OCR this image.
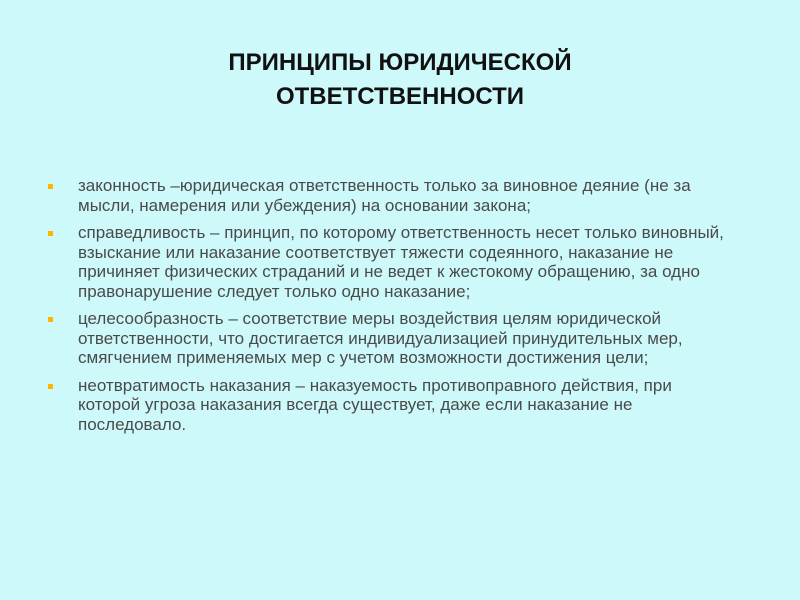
ПРИНЦИПЫ ЮРИДИЧЕСКОЙ
ОТВЕТСТВЕННОСТИ
законность –юридическая ответственность только за виновное деяние (не за мысли, намерения или убеждения) на основании закона;
справедливость – принцип, по которому ответственность несет только виновный, взыскание или наказание соответствует тяжести содеянного, наказание не причиняет физических страданий и не ведет к жестокому обращению, за одно правонарушение следует только одно наказание;
целесообразность – соответствие меры воздействия целям юридической ответственности, что достигается индивидуализацией принудительных мер, смягчением применяемых мер с учетом возможности достижения цели;
неотвратимость наказания – наказуемость противоправного действия, при которой угроза наказания всегда существует, даже если наказание не последовало.
